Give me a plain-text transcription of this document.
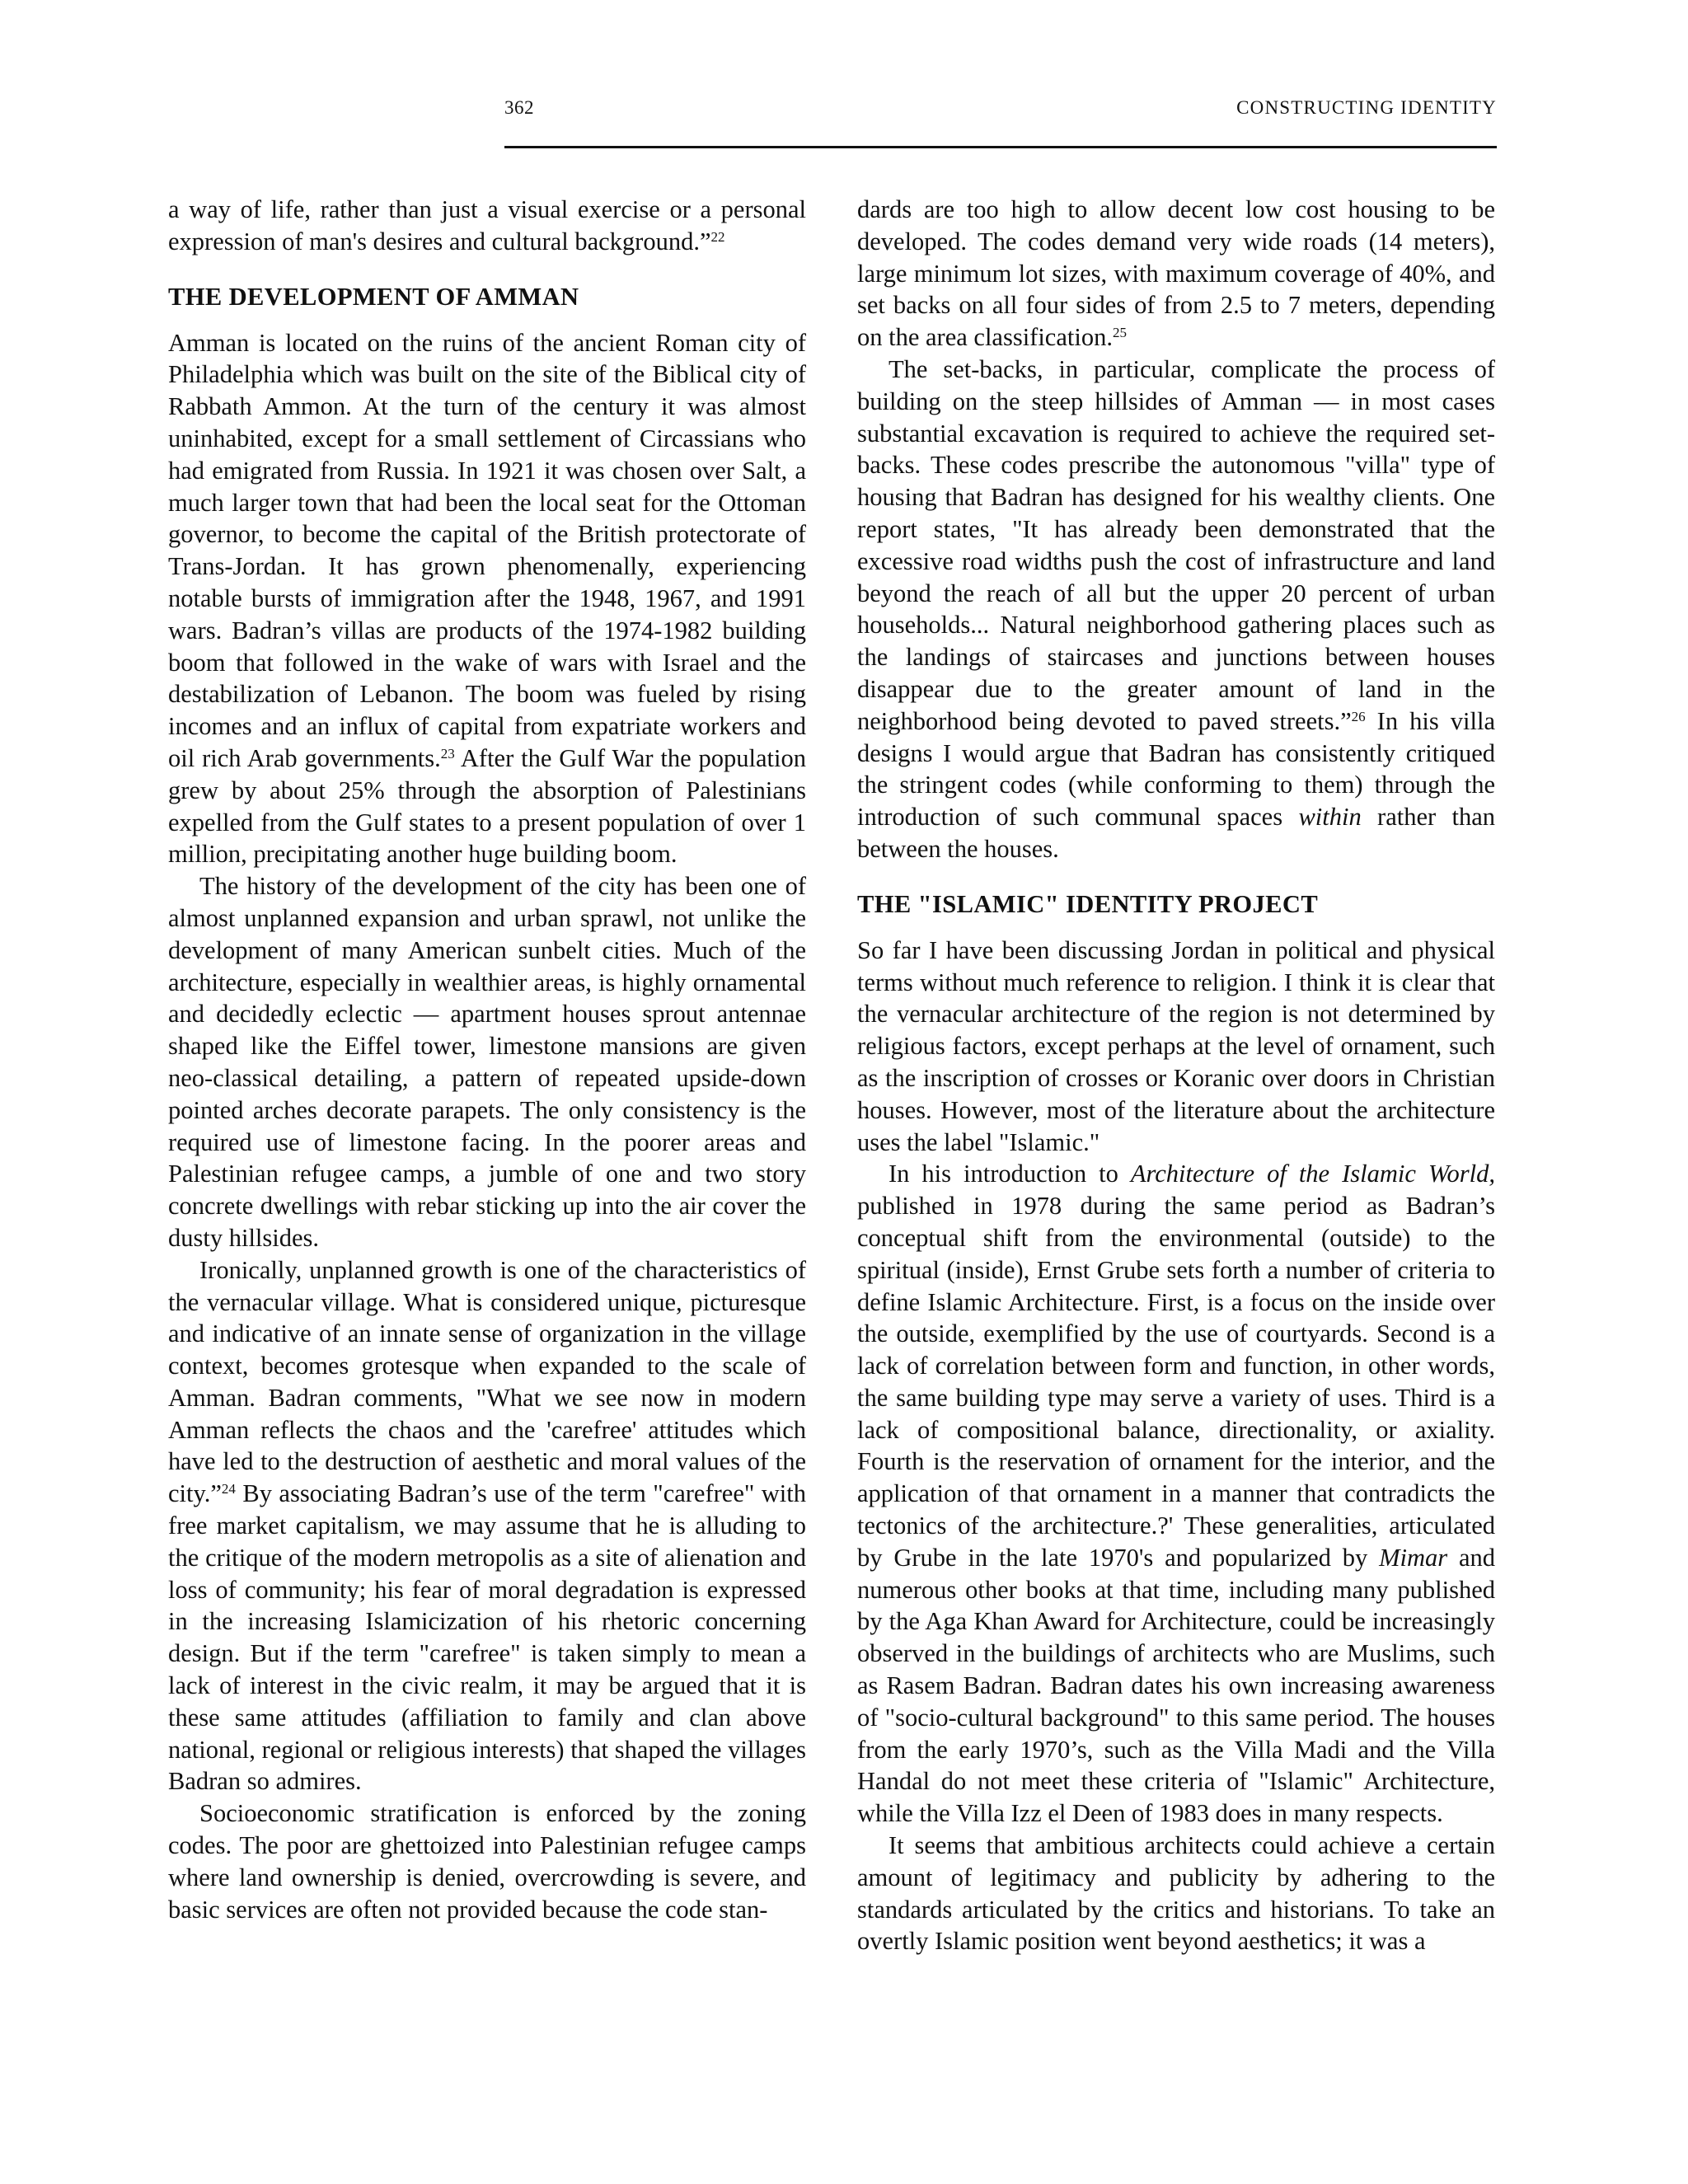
362	CONSTRUCTING IDENTITY

a way of life, rather than just a visual exercise or a personal expression of man's desires and cultural background.”$^{22}$

THE DEVELOPMENT OF AMMAN

Amman is located on the ruins of the ancient Roman city of Philadelphia which was built on the site of the Biblical city of Rabbath Ammon. At the turn of the century it was almost uninhabited, except for a small settlement of Circassians who had emigrated from Russia. In 1921 it was chosen over Salt, a much larger town that had been the local seat for the Ottoman governor, to become the capital of the British protectorate of Trans-Jordan. It has grown phenomenally, experiencing notable bursts of immigration after the 1948, 1967, and 1991 wars. Badran’s villas are products of the 1974-1982 building boom that followed in the wake of wars with Israel and the destabilization of Lebanon. The boom was fueled by rising incomes and an influx of capital from expatriate workers and oil rich Arab governments.$^{23}$ After the Gulf War the population grew by about 25% through the absorption of Palestinians expelled from the Gulf states to a present population of over 1 million, precipitating another huge building boom.

The history of the development of the city has been one of almost unplanned expansion and urban sprawl, not unlike the development of many American sunbelt cities. Much of the architecture, especially in wealthier areas, is highly ornamental and decidedly eclectic — apartment houses sprout antennae shaped like the Eiffel tower, limestone mansions are given neo-classical detailing, a pattern of repeated upside-down pointed arches decorate parapets. The only consistency is the required use of limestone facing. In the poorer areas and Palestinian refugee camps, a jumble of one and two story concrete dwellings with rebar sticking up into the air cover the dusty hillsides.

Ironically, unplanned growth is one of the characteristics of the vernacular village. What is considered unique, picturesque and indicative of an innate sense of organization in the village context, becomes grotesque when expanded to the scale of Amman. Badran comments, "What we see now in modern Amman reflects the chaos and the 'carefree' attitudes which have led to the destruction of aesthetic and moral values of the city.”$^{24}$ By associating Badran’s use of the term "carefree" with free market capitalism, we may assume that he is alluding to the critique of the modern metropolis as a site of alienation and loss of community; his fear of moral degradation is expressed in the increasing Islamicization of his rhetoric concerning design. But if the term "carefree" is taken simply to mean a lack of interest in the civic realm, it may be argued that it is these same attitudes (affiliation to family and clan above national, regional or religious interests) that shaped the villages Badran so admires.

Socioeconomic stratification is enforced by the zoning codes. The poor are ghettoized into Palestinian refugee camps where land ownership is denied, overcrowding is severe, and basic services are often not provided because the code stan-

dards are too high to allow decent low cost housing to be developed. The codes demand very wide roads (14 meters), large minimum lot sizes, with maximum coverage of 40%, and set backs on all four sides of from 2.5 to 7 meters, depending on the area classification.$^{25}$

The set-backs, in particular, complicate the process of building on the steep hillsides of Amman — in most cases substantial excavation is required to achieve the required set-backs. These codes prescribe the autonomous "villa" type of housing that Badran has designed for his wealthy clients. One report states, "It has already been demonstrated that the excessive road widths push the cost of infrastructure and land beyond the reach of all but the upper 20 percent of urban households... Natural neighborhood gathering places such as the landings of staircases and junctions between houses disappear due to the greater amount of land in the neighborhood being devoted to paved streets.”$^{26}$ In his villa designs I would argue that Badran has consistently critiqued the stringent codes (while conforming to them) through the introduction of such communal spaces within rather than between the houses.

THE "ISLAMIC" IDENTITY PROJECT

So far I have been discussing Jordan in political and physical terms without much reference to religion. I think it is clear that the vernacular architecture of the region is not determined by religious factors, except perhaps at the level of ornament, such as the inscription of crosses or Koranic over doors in Christian houses. However, most of the literature about the architecture uses the label "Islamic."

In his introduction to Architecture of the Islamic World, published in 1978 during the same period as Badran’s conceptual shift from the environmental (outside) to the spiritual (inside), Ernst Grube sets forth a number of criteria to define Islamic Architecture. First, is a focus on the inside over the outside, exemplified by the use of courtyards. Second is a lack of correlation between form and function, in other words, the same building type may serve a variety of uses. Third is a lack of compositional balance, directionality, or axiality. Fourth is the reservation of ornament for the interior, and the application of that ornament in a manner that contradicts the tectonics of the architecture.?' These generalities, articulated by Grube in the late 1970's and popularized by Mimar and numerous other books at that time, including many published by the Aga Khan Award for Architecture, could be increasingly observed in the buildings of architects who are Muslims, such as Rasem Badran. Badran dates his own increasing awareness of "socio-cultural background" to this same period. The houses from the early 1970’s, such as the Villa Madi and the Villa Handal do not meet these criteria of "Islamic" Architecture, while the Villa Izz el Deen of 1983 does in many respects.

It seems that ambitious architects could achieve a certain amount of legitimacy and publicity by adhering to the standards articulated by the critics and historians. To take an overtly Islamic position went beyond aesthetics; it was a
